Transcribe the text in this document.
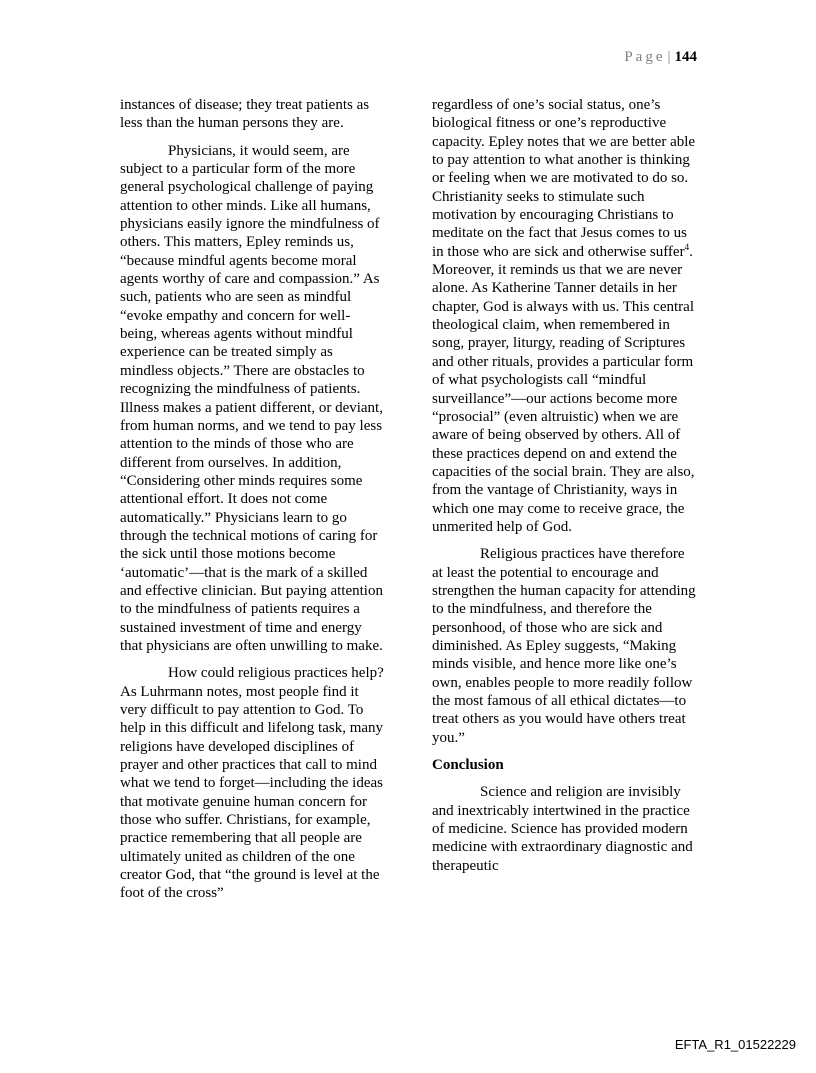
Page | 144

instances of disease; they treat patients as less than the human persons they are.

Physicians, it would seem, are subject to a particular form of the more general psychological challenge of paying attention to other minds. Like all humans, physicians easily ignore the mindfulness of others. This matters, Epley reminds us, “because mindful agents become moral agents worthy of care and compassion.” As such, patients who are seen as mindful “evoke empathy and concern for well-being, whereas agents without mindful experience can be treated simply as mindless objects.” There are obstacles to recognizing the mindfulness of patients. Illness makes a patient different, or deviant, from human norms, and we tend to pay less attention to the minds of those who are different from ourselves. In addition, “Considering other minds requires some attentional effort. It does not come automatically.” Physicians learn to go through the technical motions of caring for the sick until those motions become ‘automatic’—that is the mark of a skilled and effective clinician. But paying attention to the mindfulness of patients requires a sustained investment of time and energy that physicians are often unwilling to make.

How could religious practices help? As Luhrmann notes, most people find it very difficult to pay attention to God. To help in this difficult and lifelong task, many religions have developed disciplines of prayer and other practices that call to mind what we tend to forget—including the ideas that motivate genuine human concern for those who suffer. Christians, for example, practice remembering that all people are ultimately united as children of the one creator God, that “the ground is level at the foot of the cross”

regardless of one’s social status, one’s biological fitness or one’s reproductive capacity. Epley notes that we are better able to pay attention to what another is thinking or feeling when we are motivated to do so. Christianity seeks to stimulate such motivation by encouraging Christians to meditate on the fact that Jesus comes to us in those who are sick and otherwise suffer$^4$. Moreover, it reminds us that we are never alone. As Katherine Tanner details in her chapter, God is always with us. This central theological claim, when remembered in song, prayer, liturgy, reading of Scriptures and other rituals, provides a particular form of what psychologists call “mindful surveillance”—our actions become more “prosocial” (even altruistic) when we are aware of being observed by others. All of these practices depend on and extend the capacities of the social brain. They are also, from the vantage of Christianity, ways in which one may come to receive grace, the unmerited help of God.

Religious practices have therefore at least the potential to encourage and strengthen the human capacity for attending to the mindfulness, and therefore the personhood, of those who are sick and diminished. As Epley suggests, “Making minds visible, and hence more like one’s own, enables people to more readily follow the most famous of all ethical dictates—to treat others as you would have others treat you.”

Conclusion

Science and religion are invisibly and inextricably intertwined in the practice of medicine. Science has provided modern medicine with extraordinary diagnostic and therapeutic

EFTA_R1_01522229
